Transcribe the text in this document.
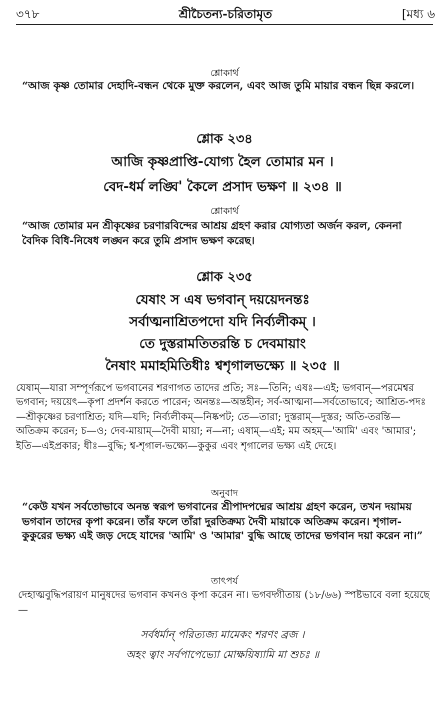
৩৭৮	শ্রীচৈতন্য-চরিতামৃত	[মধ্য ৬
শ্লোকার্থ
“আজ কৃষ্ণ তোমার দেহাদি-বন্ধন থেকে মুক্ত করলেন, এবং আজ তুমি মায়ার বন্ধন ছিন্ন করলে।
শ্লোক ২৩৪
আজি কৃষ্ণপ্রাপ্তি-যোগ্য হৈল তোমার মন ।
বেদ-ধর্ম লঙ্ঘি' কৈলে প্রসাদ ভক্ষণ ॥ ২৩৪ ॥
শ্লোকার্থ
“আজ তোমার মন শ্রীকৃষ্ণের চরণারবিন্দের আশ্রয় গ্রহণ করার যোগ্যতা অর্জন করল, কেননা বৈদিক বিধি-নিষেধ লঙ্ঘন করে তুমি প্রসাদ ভক্ষণ করেছ।
শ্লোক ২৩৫
যেষাং স এষ ভগবান্ দয়য়েদনন্তঃ
সর্বাত্মনাশ্রিতপদো যদি নির্ব্যলীকম্ ।
তে দুস্তরামতিতরন্তি চ দেবমায়াং
নৈষাং মমাহমিতিধীঃ শ্বশৃগালভক্ষ্যে ॥ ২৩৫ ॥
যেষাম্—যারা সম্পূর্ণরূপে ভগবানের শরণাগত তাদের প্রতি; সঃ—তিনি; এষঃ—এই; ভগবান্—পরমেশ্বর ভগবান; দয়য়েৎ—কৃপা প্রদর্শন করতে পারেন; অনন্তঃ—অন্তহীন; সর্ব-আত্মনা—সর্বতোভাবে; আশ্রিত-পদঃ—শ্রীকৃষ্ণের চরণাশ্রিত; যদি—যদি; নির্ব্যলীকম্—নিষ্কপট; তে—তারা; দুস্তরাম্—দুস্তর; অতি-তরন্তি—অতিক্রম করেন; চ—ও; দেব-মায়াম্—দৈবী মায়া; ন—না; এষাম্—এই; মম অহম্—'আমি' এবং 'আমার'; ইতি—এইপ্রকার; ধীঃ—বুদ্ধি; শ্ব-শৃগাল-ভক্ষ্যে—কুকুর এবং শৃগালের ভক্ষ্য এই দেহে।
অনুবাদ
“কেউ যখন সর্বতোভাবে অনন্ত স্বরূপ ভগবানের শ্রীপাদপদ্মের আশ্রয় গ্রহণ করেন, তখন দয়াময় ভগবান তাদের কৃপা করেন। তাঁর ফলে তাঁরা দুরতিক্রম্য দৈবী মায়াকে অতিক্রম করেন। শৃগাল-কুকুরের ভক্ষ্য এই জড় দেহে যাদের 'আমি' ও 'আমার' বুদ্ধি আছে তাদের ভগবান দয়া করেন না।”
তাৎপর্য
দেহাত্মবুদ্ধিপরায়ণ মানুষদের ভগবান কখনও কৃপা করেন না। ভগবদ্গীতায় (১৮/৬৬) স্পষ্টভাবে বলা হয়েছে—
সর্বধর্মান্ পরিত্যজ্য মামেকং শরণং ব্রজ ।
অহং ত্বাং সর্বপাপেভ্যো মোক্ষয়িষ্যামি মা শুচঃ ॥
